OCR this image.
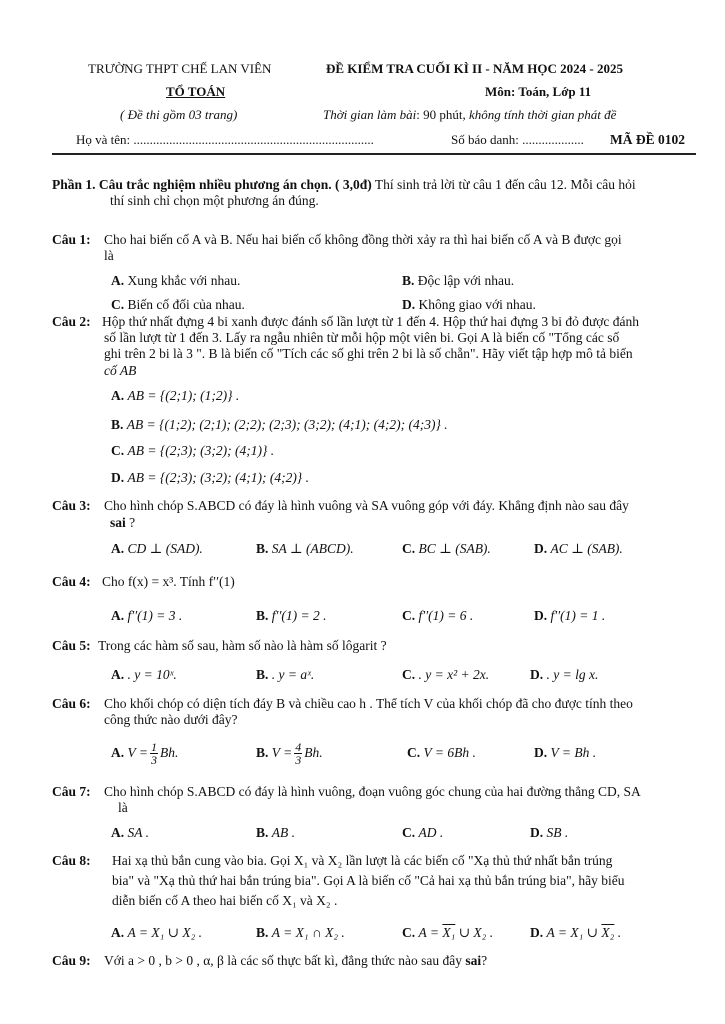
TRƯỜNG THPT CHẾ LAN VIÊN	ĐỀ KIỂM TRA CUỐI KÌ II - NĂM HỌC 2024 - 2025
TỔ TOÁN	Môn: Toán, Lớp 11
( Đề thi gồm 03 trang)	Thời gian làm bài: 90 phút, không tính thời gian phát đề
Họ và tên: ..........................................................................	Số báo danh: ................... MÃ ĐỀ 0102
Phần 1. Câu trắc nghiệm nhiều phương án chọn. ( 3,0đ) Thí sinh trả lời từ câu 1 đến câu 12. Mỗi câu hỏi
thí sinh chỉ chọn một phương án đúng.
Câu 1: Cho hai biến cố A và B. Nếu hai biến cố không đồng thời xảy ra thì hai biến cố A và B được gọi
là
A. Xung khắc với nhau.	B. Độc lập với nhau.
C. Biến cố đối của nhau.	D. Không giao với nhau.
Câu 2: Hộp thứ nhất đựng 4 bi xanh được đánh số lần lượt từ 1 đến 4. Hộp thứ hai đựng 3 bi đỏ được đánh
số lần lượt từ 1 đến 3. Lấy ra ngẫu nhiên từ mỗi hộp một viên bi. Gọi A là biến cố "Tổng các số
ghi trên 2 bi là 3 ". B là biến cố "Tích các số ghi trên 2 bi là số chẵn". Hãy viết tập hợp mô tả biến
cố AB
A. AB = {(2;1); (1;2)} .
B. AB = {(1;2); (2;1); (2;2); (2;3); (3;2); (4;1); (4;2); (4;3)} .
C. AB = {(2;3); (3;2); (4;1)} .
D. AB = {(2;3); (3;2); (4;1); (4;2)} .
Câu 3: Cho hình chóp S.ABCD có đáy là hình vuông và SA vuông góp với đáy. Khẳng định nào sau đây
sai ?
A. CD ⊥ (SAD).	B. SA ⊥ (ABCD).	C. BC ⊥ (SAB).	D. AC ⊥ (SAB).
Câu 4: Cho f(x) = x³. Tính f′′(1)
A. f′′(1) = 3 .	B. f′′(1) = 2 .	C. f′′(1) = 6 .	D. f′′(1) = 1 .
Câu 5: Trong các hàm số sau, hàm số nào là hàm số lôgarit ?
A. . y = 10ˣ.	B. . y = aˣ.	C. . y = x² + 2x.	D. . y = lg x.
Câu 6: Cho khối chóp có diện tích đáy B và chiều cao h . Thể tích V của khối chóp đã cho được tính theo
công thức nào dưới đây?
A. $V = \frac{1}{3} Bh$.	B. $V = \frac{4}{3} Bh$.	C. V = 6Bh .	D. V = Bh .
Câu 7: Cho hình chóp S.ABCD có đáy là hình vuông, đoạn vuông góc chung của hai đường thẳng CD, SA
là
A. SA .	B. AB .	C. AD .	D. SB .
Câu 8: Hai xạ thủ bắn cung vào bia. Gọi X₁ và X₂ lần lượt là các biến cố "Xạ thủ thứ nhất bắn trúng
bia" và "Xạ thủ thứ hai bắn trúng bia". Gọi A là biến cố "Cả hai xạ thủ bắn trúng bia", hãy biểu
diễn biến cố A theo hai biến cố X₁ và X₂ .
A. A = X₁ ∪ X₂ .	B. A = X₁ ∩ X₂ .	C. A = X₁ ∪ X₂ .	D. A = X₁ ∪ X₂ .
Câu 9: Với a > 0 , b > 0 , α, β là các số thực bất kì, đẳng thức nào sau đây sai?
